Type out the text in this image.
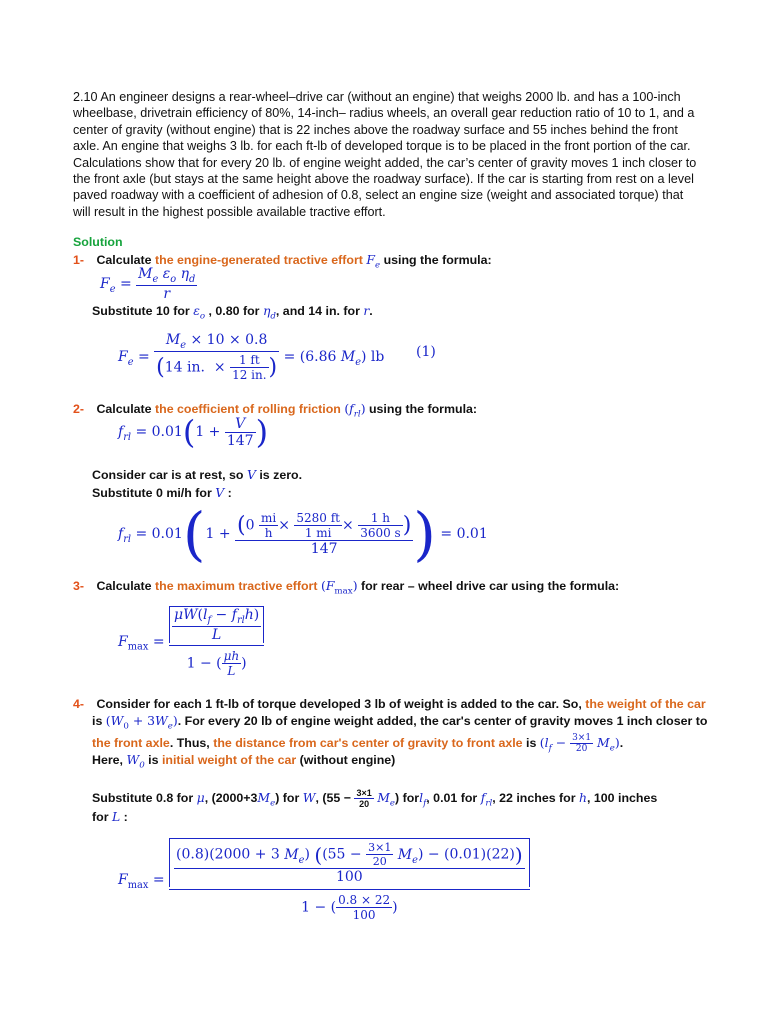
2.10 An engineer designs a rear-wheel–drive car (without an engine) that weighs 2000 lb. and has a 100-inch wheelbase, drivetrain efficiency of 80%, 14-inch– radius wheels, an overall gear reduction ratio of 10 to 1, and a center of gravity (without engine) that is 22 inches above the roadway surface and 55 inches behind the front axle. An engine that weighs 3 lb. for each ft-lb of developed torque is to be placed in the front portion of the car. Calculations show that for every 20 lb. of engine weight added, the car’s center of gravity moves 1 inch closer to the front axle (but stays at the same height above the roadway surface). If the car is starting from rest on a level paved roadway with a coefficient of adhesion of 0.8, select an engine size (weight and associated torque) that will result in the highest possible available tractive effort.

Solution
1- Calculate the engine-generated tractive effort $F_e$ using the formula:
$F_e = \frac{M_e \varepsilon_o \eta_d}{r}$
Substitute 10 for $\varepsilon_o$ , 0.80 for $\eta_d$, and 14 in. for r.
$F_e = \frac{M_e \times 10 \times 0.8}{(14 in. \times \frac{1 ft}{12 in.} )} = (6.86$ $M_e$) lb (1)
2- Calculate the coefficient of rolling friction $(f_{rl})$ using the formula:
$f_{rl} = 0.01(1 + \frac{V}{147}$ )
Consider car is at rest, so V is zero.
Substitute 0 mi/h for V :
$f_{rl} = 0.01(1 + \frac{(0 \frac{mi}{h} \times \frac{5280 ft}{1 mi} \times \frac{1 h}{3600 s} )}{147}$ ) = 0.01
3- Calculate the maximum tractive effort $(F_{max})$ for rear – wheel drive car using the formula:
$F_{max} = \frac{\frac{\mu W(l_f - f_{rl}h)}{L}}{1 - ( \frac{\mu h}{L} )}$
4- Consider for each 1 ft-lb of torque developed 3 lb of weight is added to the car. So, the weight of the car
is $(W_0 + 3W_e)$. For every 20 lb of engine weight added, the car's center of gravity moves 1 inch closer to
the front axle. Thus, the distance from car's center of gravity to front axle is $(l_f - \frac{3\times 1}{20} M_e)$.
Here, $W_0$ is initial weight of the car (without engine)
Substitute 0.8 for μ, $(2000+3M_e)$ for W, $(55 - \frac{3\times 1}{20} M_e)$ forl$_f$, 0.01 for $f_{rl}$, 22 inches for h, 100 inches
for L :
$F_{max}$ =
(0.8)(2000 + 3 $M_e$) $((55 - \frac{3\times 1}{20} M_e) - (0.01)(22))$
100
1 − ( $\frac{0.8 \times 22}{100}$ )
